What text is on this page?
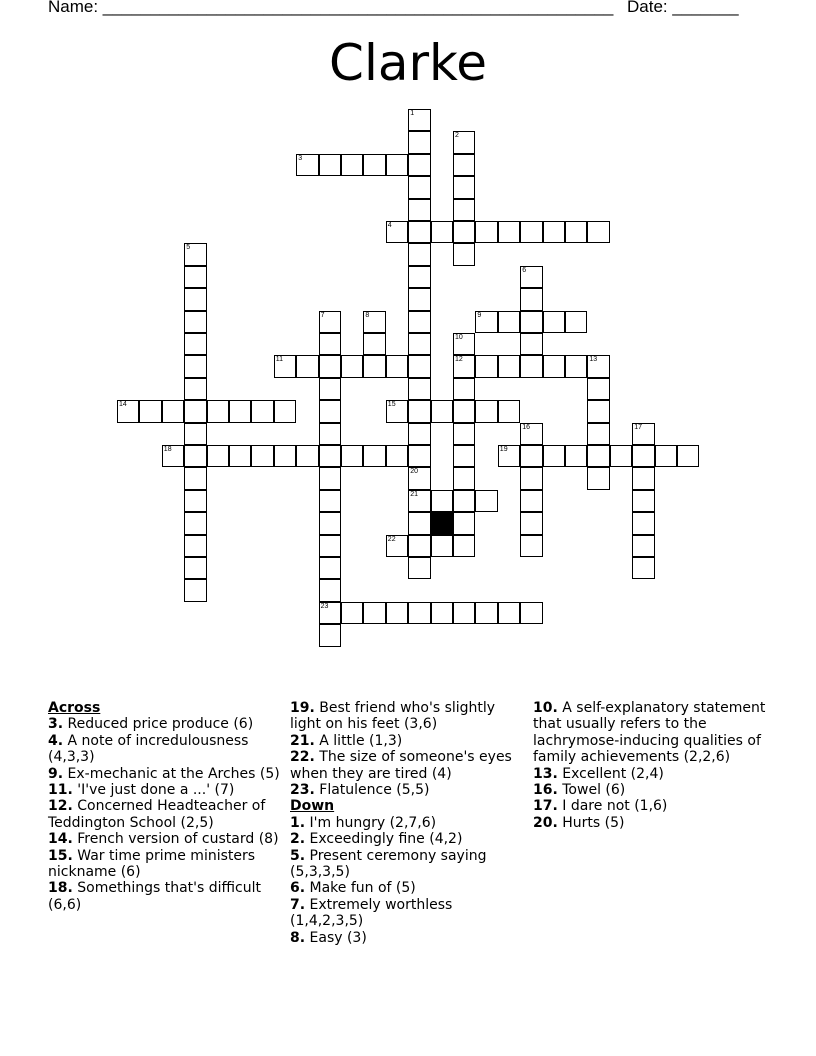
Name: ______________________________________________________ Date: _______
Clarke
1
2
3
4
5
6
7
23
8	9
10
12
11	13
14	15
16	17
18	19
20
21
22
Across
3. Reduced price produce (6)
4. A note of incredulousness (4,3,3)
9. Ex-mechanic at the Arches (5)
11. 'I've just done a ...' (7)
12. Concerned Headteacher of Teddington School (2,5)
14. French version of custard (8)
15. War time prime ministers nickname (6)
18. Somethings that's difficult (6,6)
19. Best friend who's slightly light on his feet (3,6)
21. A little (1,3)
22. The size of someone's eyes when they are tired (4)
23. Flatulence (5,5)
Down
1. I'm hungry (2,7,6)
2. Exceedingly fine (4,2)
5. Present ceremony saying (5,3,3,5)
6. Make fun of (5)
7. Extremely worthless (1,4,2,3,5)
8. Easy (3)
10. A self-explanatory statement that usually refers to the lachrymose-inducing qualities of family achievements (2,2,6)
13. Excellent (2,4)
16. Towel (6)
17. I dare not (1,6)
20. Hurts (5)
